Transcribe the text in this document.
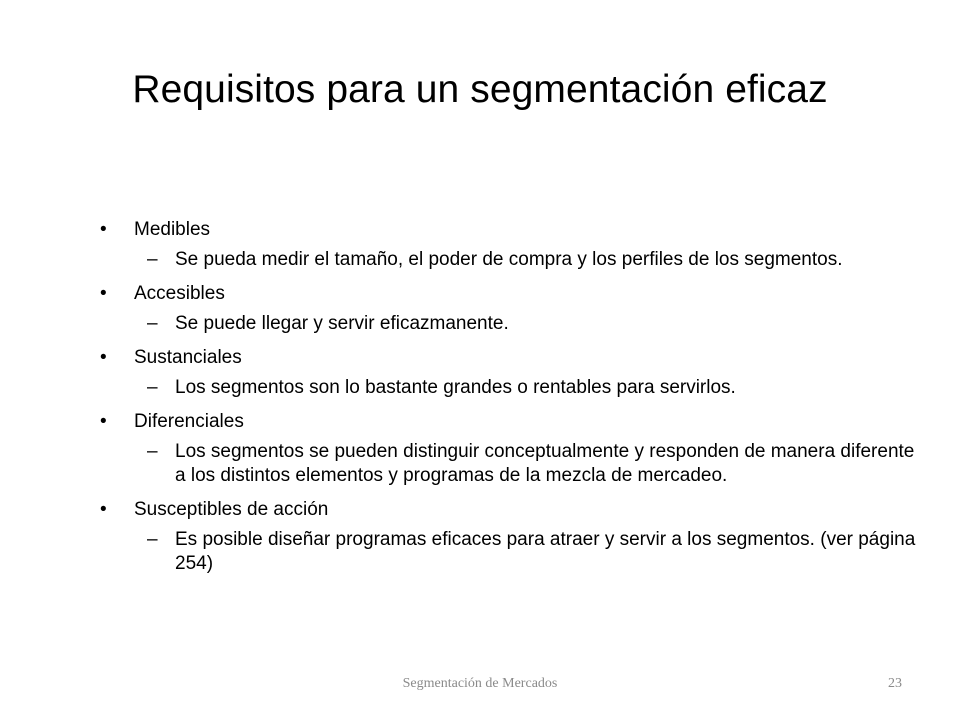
Requisitos para un segmentación eficaz
•	Medibles
– Se pueda medir el tamaño, el poder de compra y los perfiles de los segmentos.
•	Accesibles
– Se puede llegar y servir eficazmanente.
•	Sustanciales
– Los segmentos son lo bastante grandes o rentables para servirlos.
•	Diferenciales
– Los segmentos se pueden distinguir conceptualmente y responden de manera diferente a los distintos elementos y programas de la mezcla de mercadeo.
•	Susceptibles de acción
– Es posible diseñar programas eficaces para atraer y servir a los segmentos. (ver página 254)
Segmentación de Mercados	23
